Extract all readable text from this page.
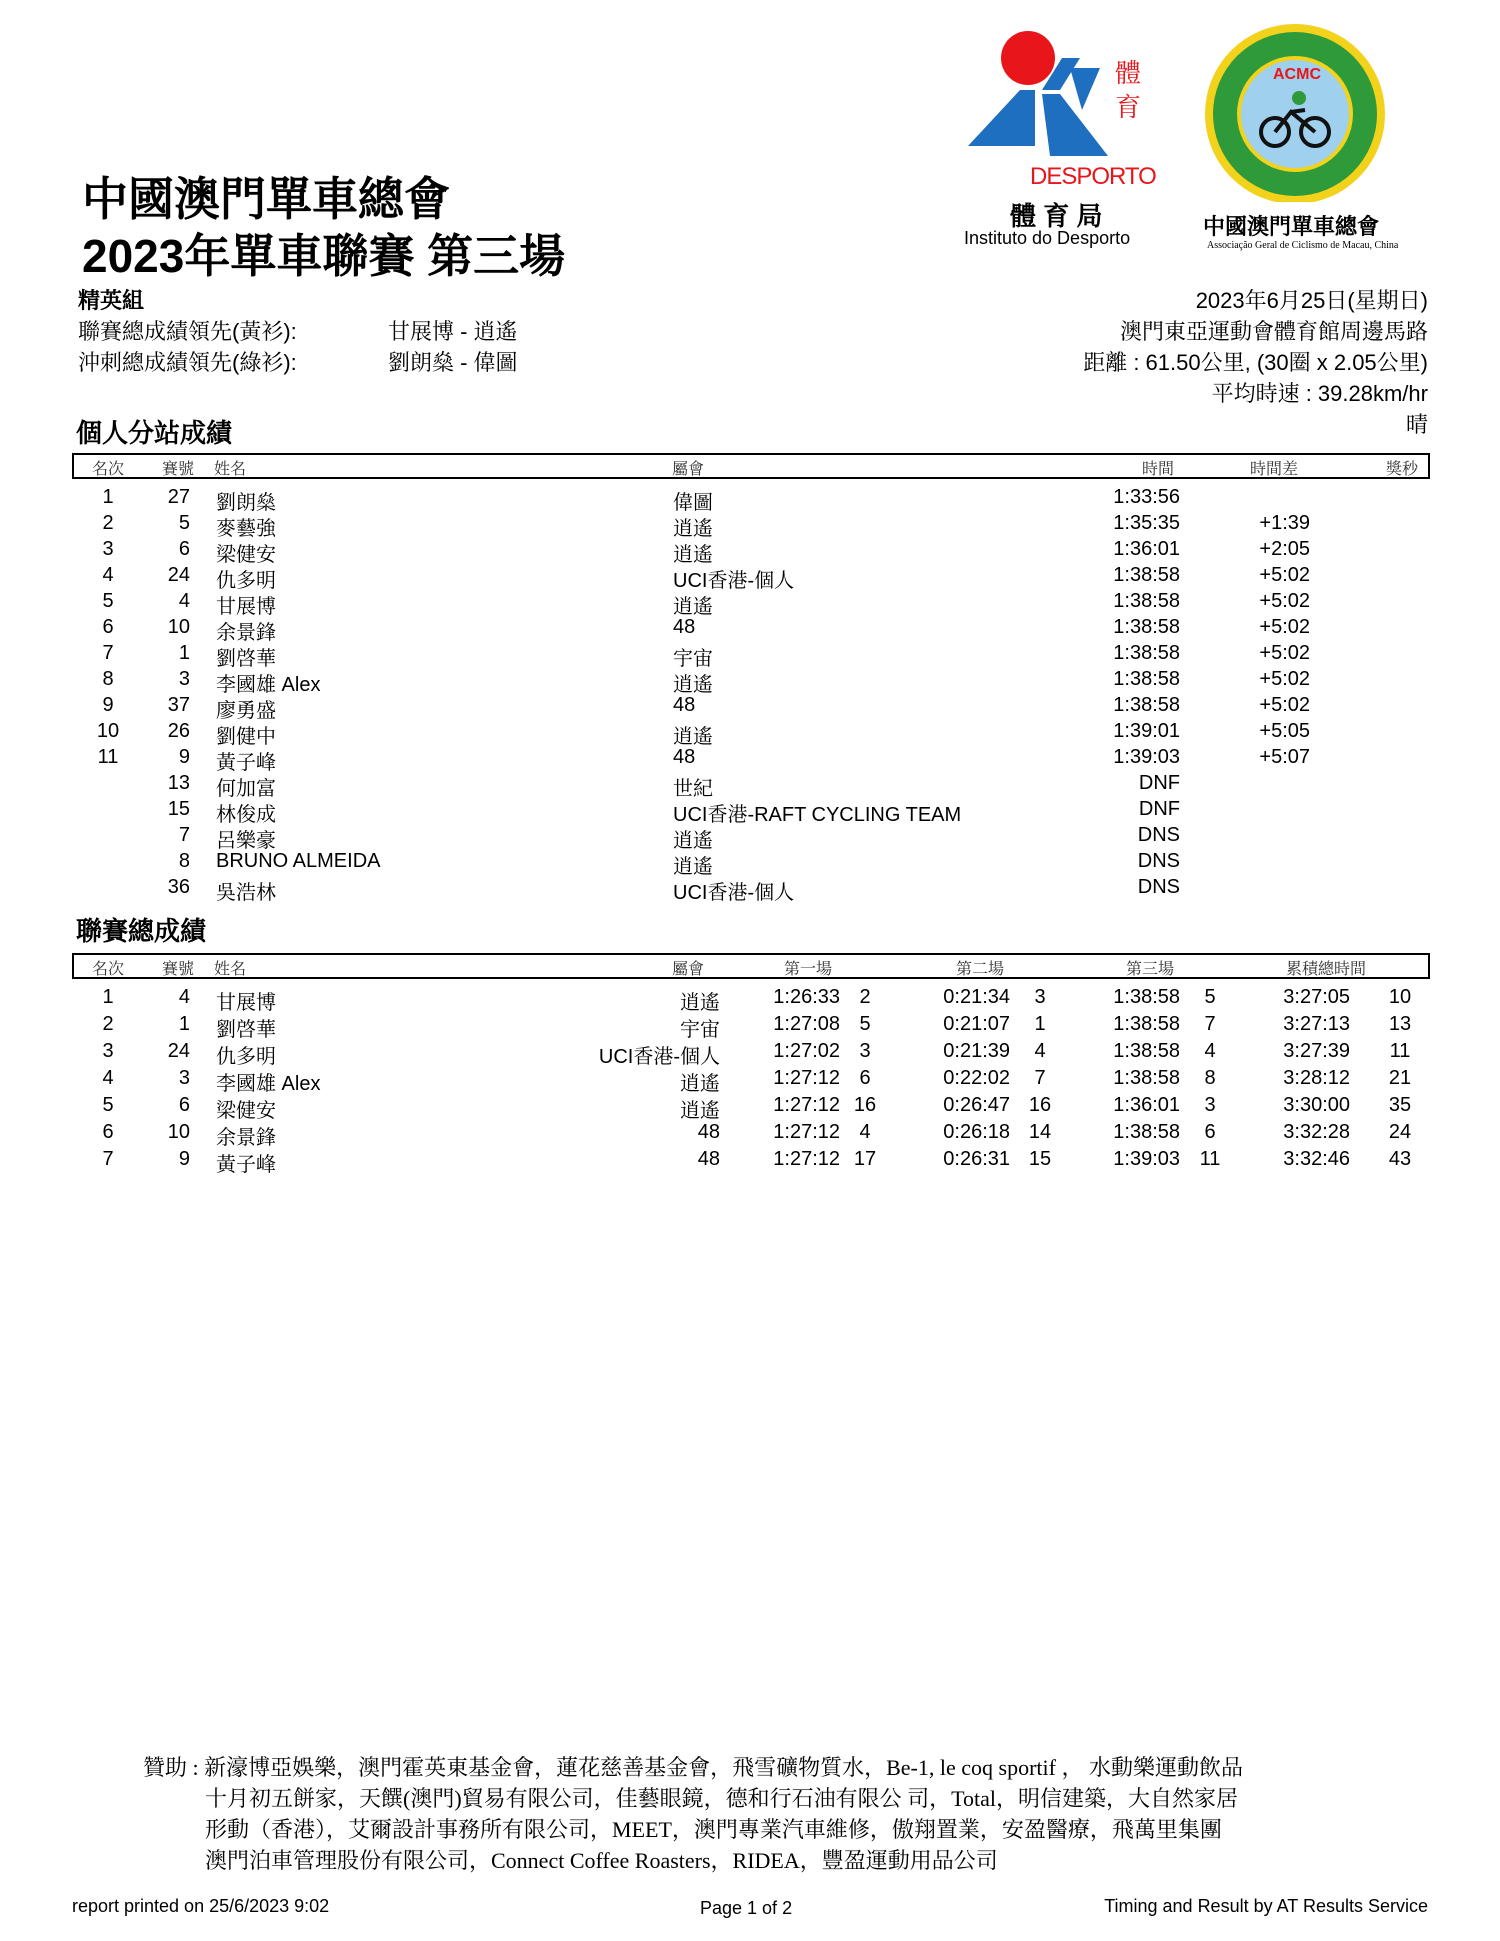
體育
DESPORTO
體 育 局
Instituto do Desporto
ACMC
中國澳門單車總會
Associação Geral de Ciclismo de Macau, China
中國澳門單車總會
2023年單車聯賽 第三場
精英組
聯賽總成績領先(黃衫):	甘展博 - 逍遙
沖刺總成績領先(綠衫):	劉朗燊 - 偉圖
2023年6月25日(星期日)
澳門東亞運動會體育館周邊馬路
距離 : 61.50公里, (30圈 x 2.05公里)
平均時速 : 39.28km/hr
晴
個人分站成績
名次 賽號 姓名	屬會	時間	時間差	獎秒
1	27 劉朗燊	偉圖	1:33:56
2	5 麥藝強	逍遙	1:35:35	+1:39
3	6 梁健安	逍遙	1:36:01	+2:05
4	24 仇多明	UCI香港-個人	1:38:58	+5:02
5	4 甘展博	逍遙	1:38:58	+5:02
6	10 余景鋒	48	1:38:58	+5:02
7	1 劉啓華	宇宙	1:38:58	+5:02
8	3 李國雄 Alex	逍遙	1:38:58	+5:02
9	37 廖勇盛	48	1:38:58	+5:02
10	26 劉健中	逍遙	1:39:01	+5:05
11	9 黃子峰	48	1:39:03	+5:07
13 何加富	世紀	DNF
15 林俊成	UCI香港-RAFT CYCLING TEAM	DNF
7 呂樂豪	逍遙	DNS
8 BRUNO ALMEIDA	逍遙	DNS
36 吳浩林	UCI香港-個人	DNS
聯賽總成績
名次 賽號 姓名	屬會	第一場	第二場	第三場	累積總時間
1	4 甘展博	逍遙	1:26:33 2	0:21:34	3	1:38:58	5	3:27:05	10
2	1 劉啓華	宇宙	1:27:08 5	0:21:07	1	1:38:58	7	3:27:13	13
3	24 仇多明	UCI香港-個人	1:27:02 3	0:21:39	4	1:38:58	4	3:27:39	11
4	3 李國雄 Alex	逍遙	1:27:12 6	0:22:02	7	1:38:58	8	3:28:12	21
5	6 梁健安	逍遙	1:27:12 16	0:26:47 16	1:36:01	3	3:30:00	35
6	10 余景鋒	48	1:27:12 4	0:26:18 14	1:38:58	6	3:32:28	24
7	9 黃子峰	48	1:27:12 17	0:26:31 15	1:39:03 11	3:32:46	43
贊助 : 新濠博亞娛樂，澳門霍英東基金會，蓮花慈善基金會，飛雪礦物質水，Be-1, le coq sportif ， 水動樂運動飲品
十月初五餅家，天饌(澳門)貿易有限公司，佳藝眼鏡，德和行石油有限公 司，Total，明信建築，大自然家居
形動（香港），艾爾設計事務所有限公司，MEET，澳門專業汽車維修，傲翔置業，安盈醫療，飛萬里集團
澳門泊車管理股份有限公司，Connect Coffee Roasters，RIDEA，豐盈運動用品公司
report printed on 25/6/2023 9:02	Page 1 of 2	Timing and Result by AT Results Service
